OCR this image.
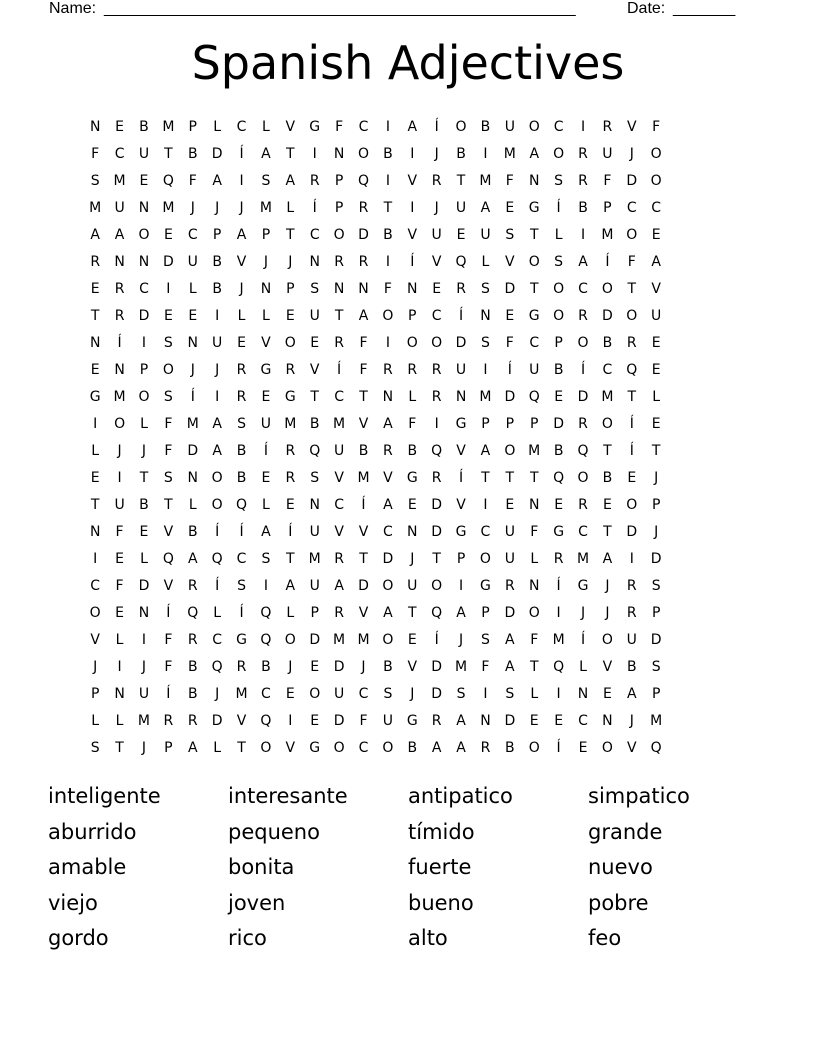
Name: _____________________________________________________	Date: _______
Spanish Adjectives
N	E	B M	P	L	C	L	V	G	F	C	I	A	Í	O	B	U O C	I	R	V	F
F	C	U	T	B	D	Í	A	T	I	N O	B	I	J	B	I	M A	O	R	U	J	O
S M E	Q	F	A	I	S	A	R	P	Q	I	V	R	T	M	F	N	S	R	F	D O
M U	N M	J	J	J	M	L	Í	P	R	T	I	J	U	A	E	G	Í	B	P	C	C
A	A	O	E	C	P	A	P	T	C O D	B	V	U	E	U	S	T	L	I	M O	E
R	N N D U	B	V	J	J	N	R	R	I	Í	V	Q	L	V	O	S	A	Í	F	A
E	R	C	I	L	B	J	N	P	S	N N	F	N	E	R	S	D	T	O C O	T	V
T	R	D	E	E	I	L	L	E	U	T	A	O	P	C	Í	N	E	G O	R	D O U
N	Í	I	S	N	U	E	V	O	E	R	F	I	O O D	S	F	C	P	O	B	R	E
E	N	P	O	J	J	R	G	R	V	Í	F	R	R	R	U	I	Í	U	B	Í	C Q	E
G M O	S	Í	I	R	E	G	T	C	T	N	L	R	N M D Q	E	D M	T	L
I	O	L	F	M A	S	U M B M V	A	F	I	G	P	P	P	D	R	O	Í	E
L	J	J	F	D	A	B	Í	R	Q U	B	R	B	Q	V	A	O M B	Q	T	Í	T
E	I	T	S	N O	B	E	R	S	V M V	G	R	Í	T	T	T	Q O	B	E	J
T	U	B	T	L	O Q	L	E	N	C	Í	A	E	D	V	I	E	N	E	R	E	O	P
N	F	E	V	B	Í	Í	A	Í	U	V	V	C	N D G	C	U	F	G	C	T	D	J
I	E	L	Q	A	Q C	S	T	M R	T	D	J	T	P	O U	L	R M A	I	D
C	F	D	V	R	Í	S	I	A	U	A	D O U O	I	G	R	N	Í	G	J	R	S
O	E	N	Í	Q	L	Í	Q	L	P	R	V	A	T	Q	A	P	D O	I	J	J	R	P
V	L	I	F	R	C	G Q O D M M O	E	Í	J	S	A	F	M	Í	O U D
J	I	J	F	B	Q	R	B	J	E	D	J	B	V	D M	F	A	T	Q	L	V	B	S
P	N	U	Í	B	J	M C	E	O U	C	S	J	D	S	I	S	L	I	N	E	A	P
L	L	M R	R	D	V	Q	I	E	D	F	U G	R	A	N D	E	E	C	N	J	M
S	T	J	P	A	L	T	O	V	G O C O	B	A	A	R	B	O	Í	E	O	V	Q
inteligente	interesante	antipatico	simpatico
aburrido	pequeno	tímido	grande
amable	bonita	fuerte	nuevo
viejo	joven	bueno	pobre
gordo	rico	alto	feo
